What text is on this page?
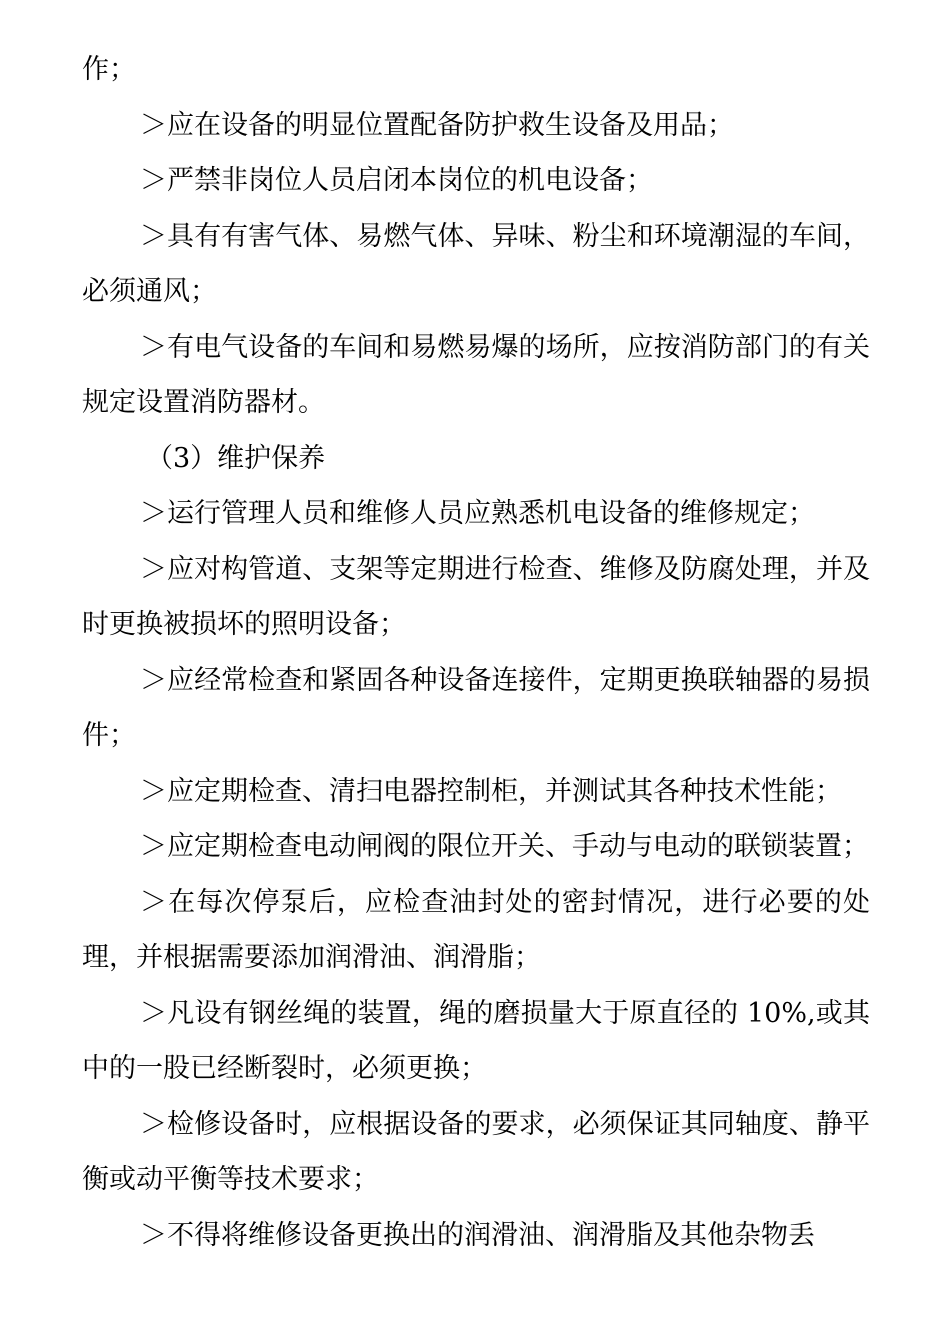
作；

＞应在设备的明显位置配备防护救生设备及用品；

＞严禁非岗位人员启闭本岗位的机电设备；

＞具有有害气体、易燃气体、异味、粉尘和环境潮湿的车间，必须通风；

＞有电气设备的车间和易燃易爆的场所，应按消防部门的有关规定设置消防器材。

（3）维护保养

＞运行管理人员和维修人员应熟悉机电设备的维修规定；

＞应对构管道、支架等定期进行检查、维修及防腐处理，并及时更换被损坏的照明设备；

＞应经常检查和紧固各种设备连接件，定期更换联轴器的易损件；

＞应定期检查、清扫电器控制柜，并测试其各种技术性能；

＞应定期检查电动闸阀的限位开关、手动与电动的联锁装置；

＞在每次停泵后，应检查油封处的密封情况，进行必要的处理，并根据需要添加润滑油、润滑脂；

＞凡设有钢丝绳的装置，绳的磨损量大于原直径的 10%,或其中的一股已经断裂时，必须更换；

＞检修设备时，应根据设备的要求，必须保证其同轴度、静平衡或动平衡等技术要求；

＞不得将维修设备更换出的润滑油、润滑脂及其他杂物丢
